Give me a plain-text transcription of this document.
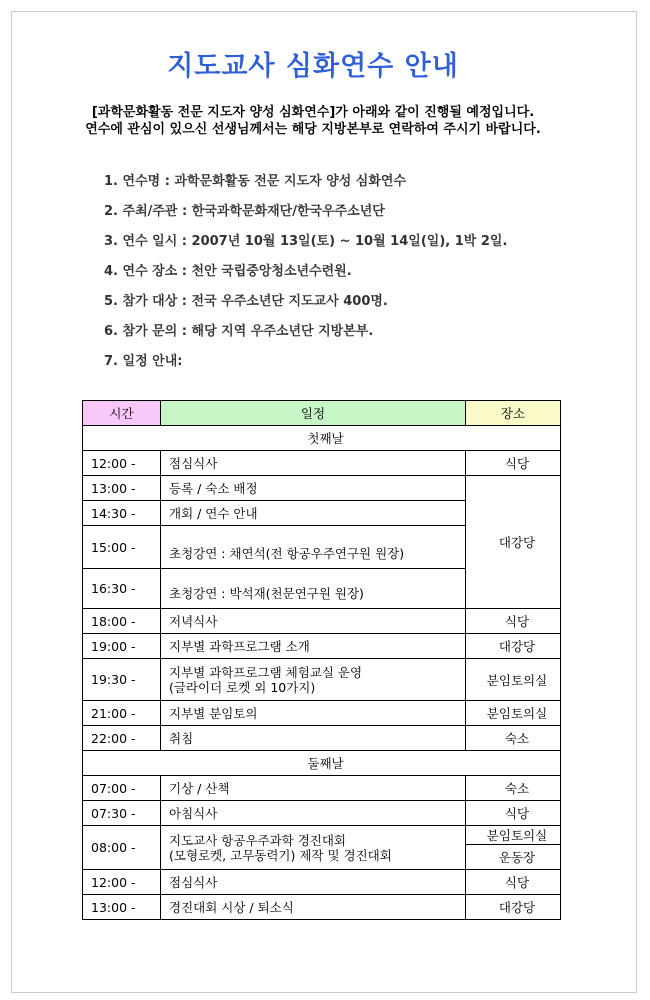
지도교사 심화연수 안내
[과학문화활동 전문 지도자 양성 심화연수]가 아래와 같이 진행될 예정입니다.
연수에 관심이 있으신 선생님께서는 해당 지방본부로 연락하여 주시기 바랍니다.
1. 연수명 : 과학문화활동 전문 지도자 양성 심화연수
2. 주최/주관 : 한국과학문화재단/한국우주소년단
3. 연수 일시 : 2007년 10월 13일(토) ~ 10월 14일(일), 1박 2일.
4. 연수 장소 : 천안 국립중앙청소년수련원.
5. 참가 대상 : 전국 우주소년단 지도교사 400명.
6. 참가 문의 : 해당 지역 우주소년단 지방본부.
7. 일정 안내:
시간	일정	장소
첫째날		
12:00 -	점심식사	식당
13:00 -	등록 / 숙소 배정	대강당
14:30 -	개회 / 연수 안내	
15:00 -	초청강연 : 채연석(전 항공우주연구원 원장)	
16:30 -	초청강연 : 박석재(천문연구원 원장)	
18:00 -	저녁식사	식당
19:00 -	지부별 과학프로그램 소개	대강당
19:30 -	지부별 과학프로그램 체험교실 운영
(글라이더 로켓 외 10가지)	분임토의실
21:00 -	지부별 분임토의	분임토의실
22:00 -	취침	숙소
둘째날		
07:00 -	기상 / 산책	숙소
07:30 -	아침식사	식당
08:00 -	지도교사 항공우주과학 경진대회
(모형로켓, 고무동력기) 제작 및 경진대회	분임토의실
		운동장
12:00 -	점심식사	식당
13:00 -	경진대회 시상 / 퇴소식	대강당
